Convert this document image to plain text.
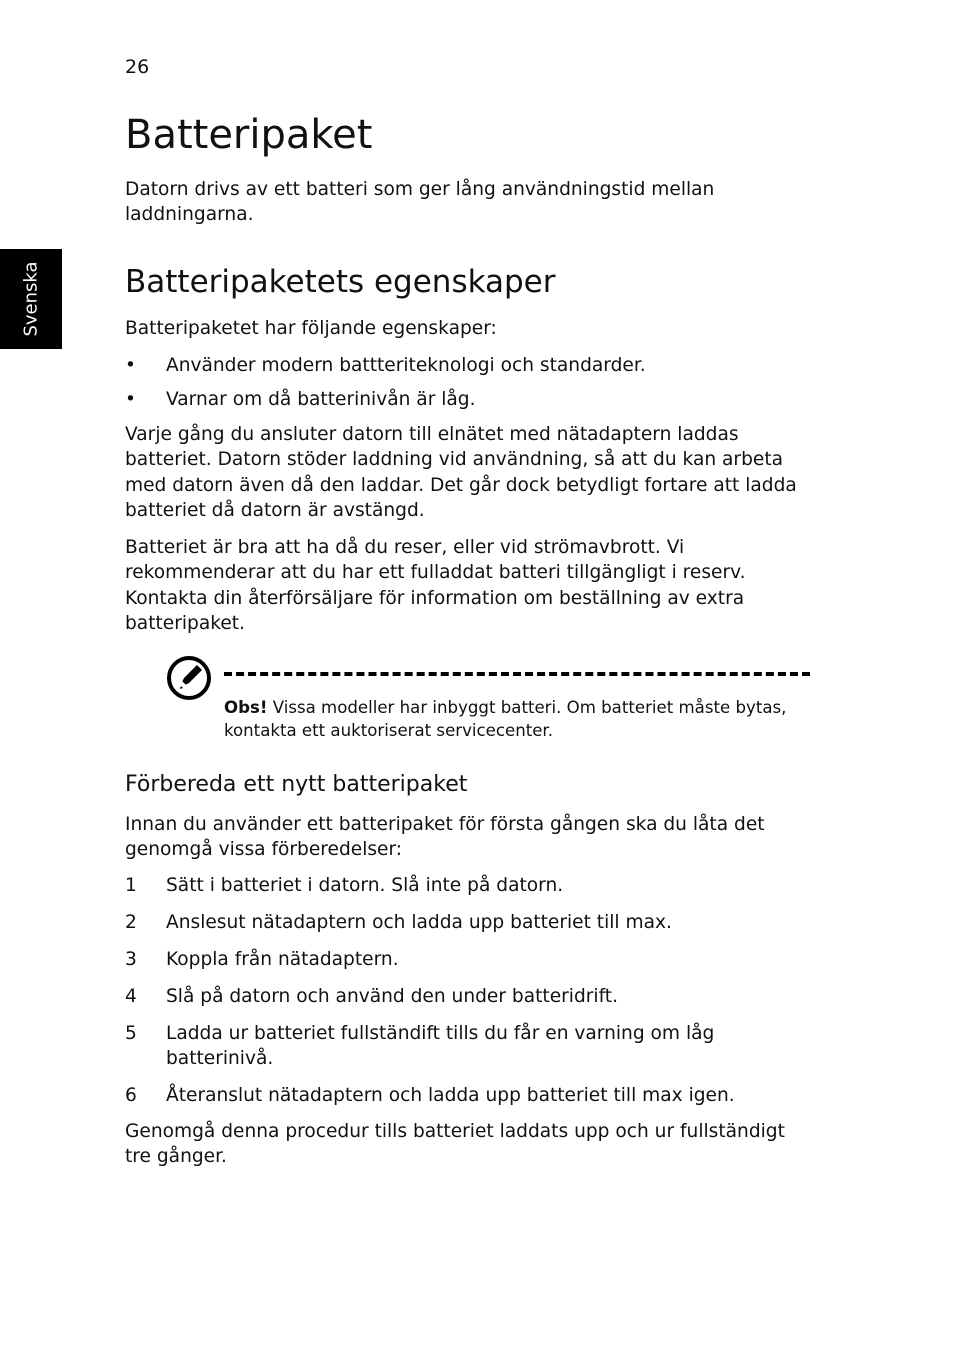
26
Svenska
Batteripaket

Datorn drivs av ett batteri som ger lång användningstid mellan laddningarna.

Batteripaketets egenskaper

Batteripaketet har följande egenskaper:

• Använder modern battteriteknologi och standarder.
• Varnar om då batterinivån är låg.

Varje gång du ansluter datorn till elnätet med nätadaptern laddas batteriet. Datorn stöder laddning vid användning, så att du kan arbeta med datorn även då den laddar. Det går dock betydligt fortare att ladda batteriet då datorn är avstängd.

Batteriet är bra att ha då du reser, eller vid strömavbrott. Vi rekommenderar att du har ett fulladdat batteri tillgängligt i reserv. Kontakta din återförsäljare för information om beställning av extra batteripaket.

Förbereda ett nytt batteripaket

Innan du använder ett batteripaket för första gången ska du låta det genomgå vissa förberedelser:

1 Sätt i batteriet i datorn. Slå inte på datorn.
2 Anslesut nätadaptern och ladda upp batteriet till max.
3 Koppla från nätadaptern.
4 Slå på datorn och använd den under batteridrift.
5 Ladda ur batteriet fullständift tills du får en varning om låg batterinivå.
6 Återanslut nätadaptern och ladda upp batteriet till max igen.

Genomgå denna procedur tills batteriet laddats upp och ur fullständigt tre gånger.

Obs! Vissa modeller har inbyggt batteri. Om batteriet måste bytas, kontakta ett auktoriserat servicecenter.
